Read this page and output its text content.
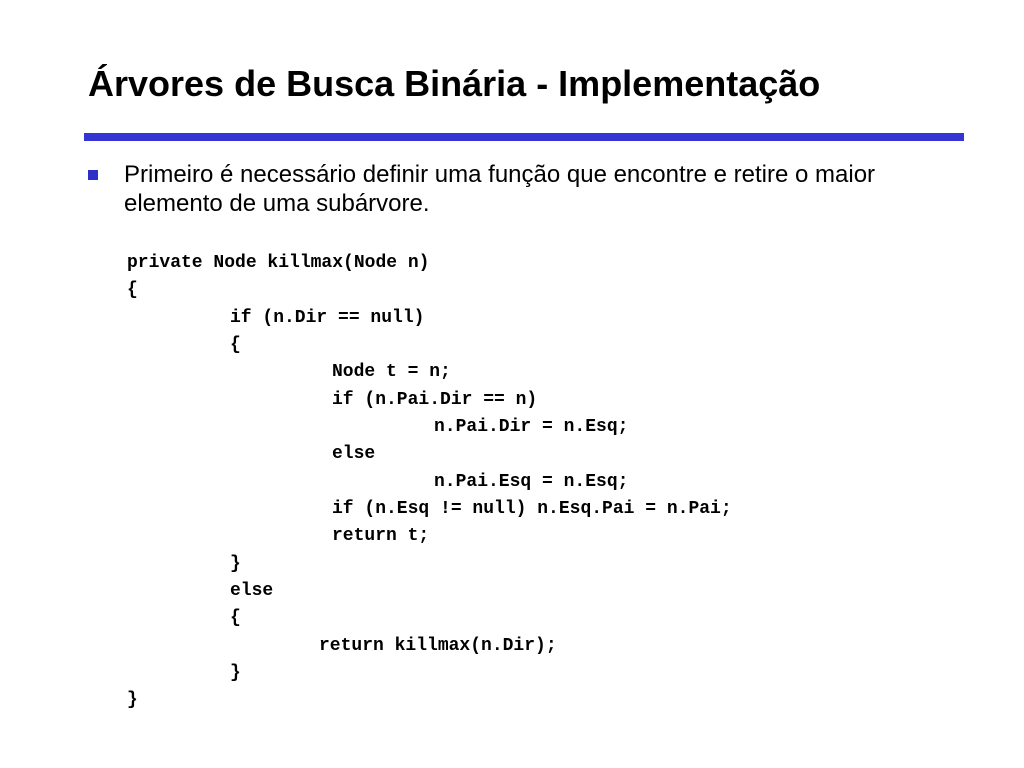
Árvores de Busca Binária - Implementação

Primeiro é necessário definir uma função que encontre e retire o maior elemento de uma subárvore.

private Node killmax(Node n)
{
if (n.Dir == null)
{
Node t = n;
if (n.Pai.Dir == n)
n.Pai.Dir = n.Esq;
else
n.Pai.Esq = n.Esq;
if (n.Esq != null) n.Esq.Pai = n.Pai;
return t;
}
else
{
return killmax(n.Dir);
}
}
